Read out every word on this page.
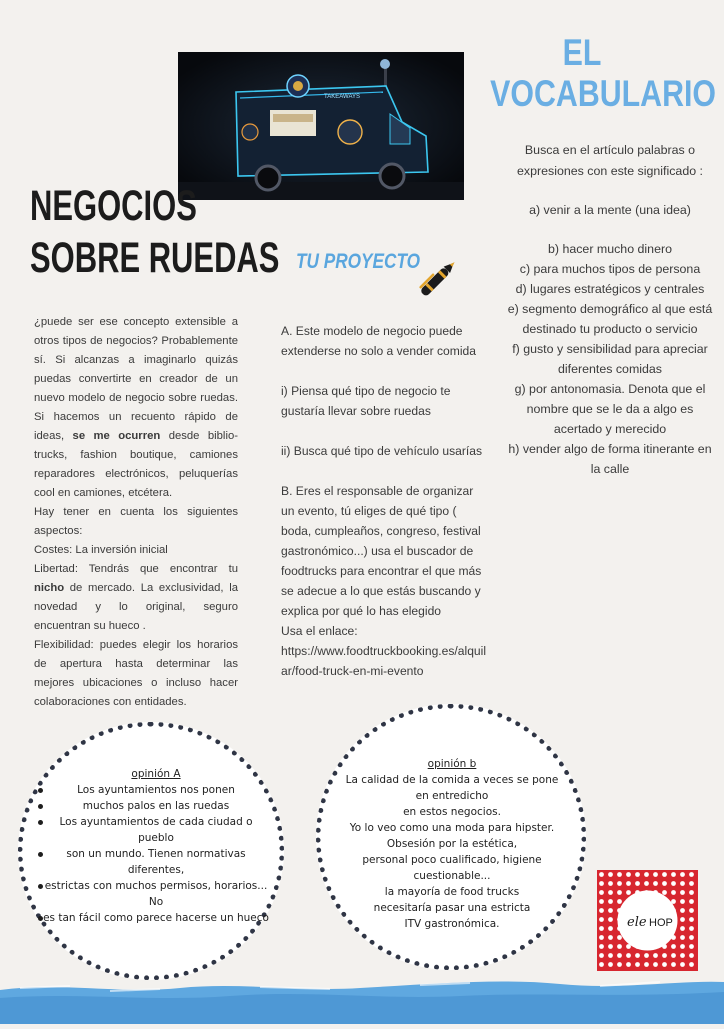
TAKEAWAYS
EL
VOCABULARIO
Busca en el artículo palabras o expresiones con este significado :
a) venir a la mente (una idea)
b) hacer mucho dinero
c) para muchos tipos de persona
d) lugares estratégicos y centrales
e) segmento demográfico al que está destinado tu producto o servicio
f) gusto y sensibilidad para apreciar diferentes comidas
g) por antonomasia. Denota que el nombre que se le da a algo es acertado y merecido
h) vender algo de forma itinerante en la calle
NEGOCIOS
SOBRE RUEDAS TU PROYECTO

¿puede ser ese concepto extensible a otros tipos de negocios? Probablemente sí. Si alcanzas a imaginarlo quizás puedas convertirte en creador de un nuevo modelo de negocio sobre ruedas. Si hacemos un recuento rápido de ideas, se me ocurren desde biblio- trucks, fashion boutique, camiones reparadores electrónicos, peluquerías cool en camiones, etcétera.

Hay tener en cuenta los siguientes aspectos:

Costes: La inversión inicial

Libertad: Tendrás que encontrar tu nicho de mercado. La exclusividad, la novedad y lo original, seguro encuentran su hueco .

Flexibilidad: puedes elegir los horarios de apertura hasta determinar las mejores ubicaciones o incluso hacer colaboraciones con entidades.

A. Este modelo de negocio puede extenderse no solo a vender comida

i) Piensa qué tipo de negocio te gustaría llevar sobre ruedas

ii) Busca qué tipo de vehículo usarías

B. Eres el responsable de organizar un evento, tú eliges de qué tipo ( boda, cumpleaños, congreso, festival gastronómico...) usa el buscador de foodtrucks para encontrar el que más se adecue a lo que estás buscando y explica por qué lo has elegido

Usa el enlace:

https://www.foodtruckbooking.es/alquilar/food-truck-en-mi-evento

opinión A
Los ayuntamientos nos ponen
muchos palos en las ruedas
Los ayuntamientos de cada ciudad o pueblo
son un mundo. Tienen normativas diferentes,
estrictas con muchos permisos, horarios... No
es tan fácil como parece hacerse un hueco
opinión b
La calidad de la comida a veces se pone
en entredicho
en estos negocios.
Yo lo veo como una moda para hipster.
Obsesión por la estética,
personal poco cualificado, higiene cuestionable...
la mayoría de food trucks
necesitaría pasar una estricta
ITV gastronómica.	ele HOP
